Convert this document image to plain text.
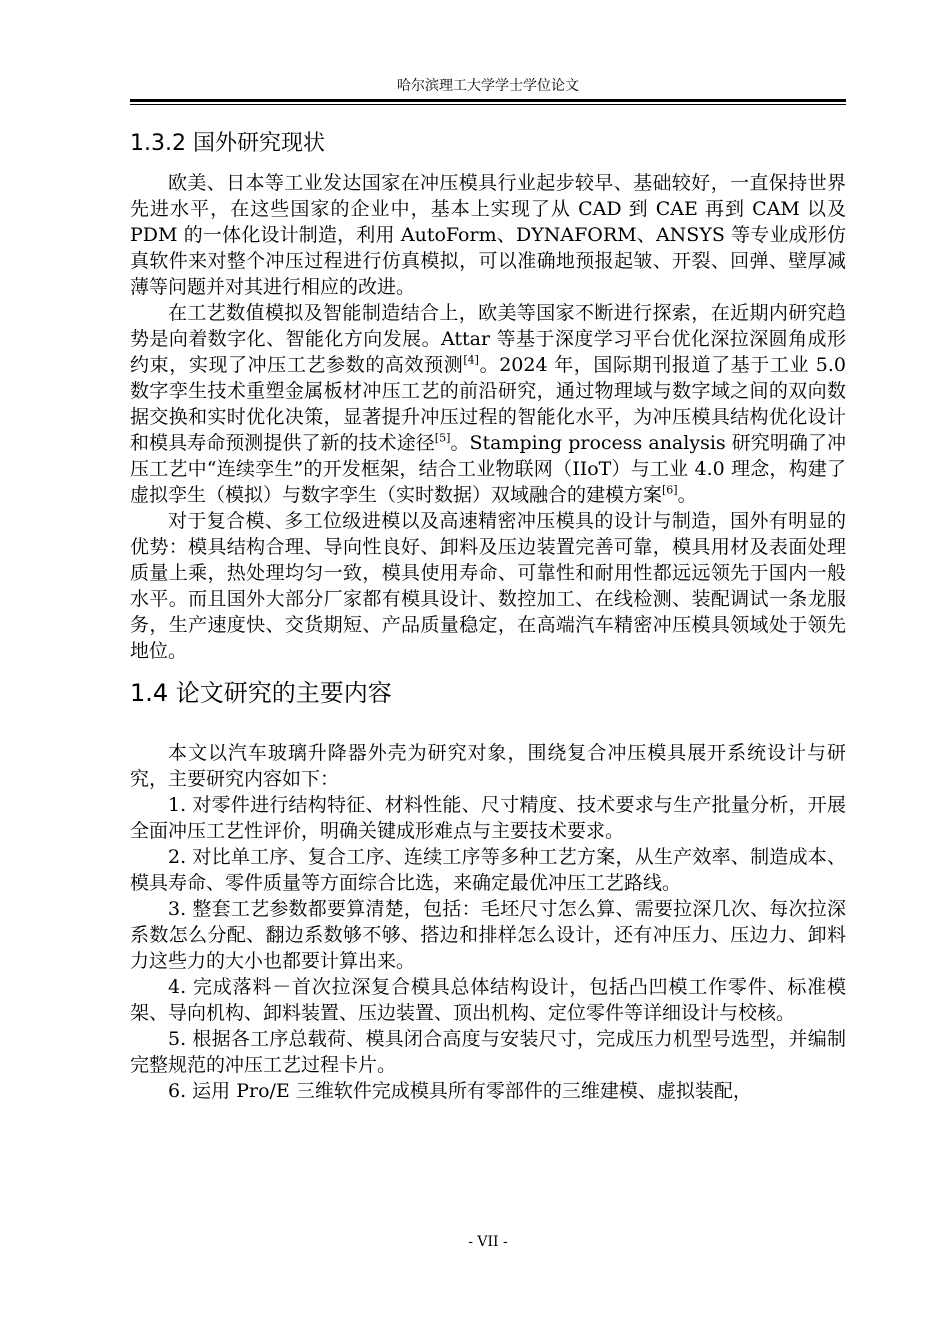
哈尔滨理工大学学士学位论文
1.3.2 国外研究现状

欧美、日本等工业发达国家在冲压模具行业起步较早、基础较好，一直保持世界先进水平，在这些国家的企业中，基本上实现了从 CAD 到 CAE 再到 CAM 以及 PDM 的一体化设计制造，利用 AutoForm、DYNAFORM、ANSYS 等专业成形仿真软件来对整个冲压过程进行仿真模拟，可以准确地预报起皱、开裂、回弹、壁厚减薄等问题并对其进行相应的改进。

在工艺数值模拟及智能制造结合上，欧美等国家不断进行探索，在近期内研究趋势是向着数字化、智能化方向发展。Attar 等基于深度学习平台优化深拉深圆角成形约束，实现了冲压工艺参数的高效预测[4]。2024 年，国际期刊报道了基于工业 5.0 数字孪生技术重塑金属板材冲压工艺的前沿研究，通过物理域与数字域之间的双向数据交换和实时优化决策，显著提升冲压过程的智能化水平，为冲压模具结构优化设计和模具寿命预测提供了新的技术途径[5]。Stamping process analysis 研究明确了冲压工艺中“连续孪生”的开发框架，结合工业物联网（IIoT）与工业 4.0 理念，构建了虚拟孪生（模拟）与数字孪生（实时数据）双域融合的建模方案[6]。

对于复合模、多工位级进模以及高速精密冲压模具的设计与制造，国外有明显的优势：模具结构合理、导向性良好、卸料及压边装置完善可靠，模具用材及表面处理质量上乘，热处理均匀一致，模具使用寿命、可靠性和耐用性都远远领先于国内一般水平。而且国外大部分厂家都有模具设计、数控加工、在线检测、装配调试一条龙服务，生产速度快、交货期短、产品质量稳定，在高端汽车精密冲压模具领域处于领先地位。

1.4 论文研究的主要内容

本文以汽车玻璃升降器外壳为研究对象，围绕复合冲压模具展开系统设计与研究，主要研究内容如下：

1. 对零件进行结构特征、材料性能、尺寸精度、技术要求与生产批量分析，开展全面冲压工艺性评价，明确关键成形难点与主要技术要求。

2. 对比单工序、复合工序、连续工序等多种工艺方案，从生产效率、制造成本、模具寿命、零件质量等方面综合比选，来确定最优冲压工艺路线。

3. 整套工艺参数都要算清楚，包括：毛坯尺寸怎么算、需要拉深几次、每次拉深系数怎么分配、翻边系数够不够、搭边和排样怎么设计，还有冲压力、压边力、卸料力这些力的大小也都要计算出来。

4. 完成落料－首次拉深复合模具总体结构设计，包括凸凹模工作零件、标准模架、导向机构、卸料装置、压边装置、顶出机构、定位零件等详细设计与校核。

5. 根据各工序总载荷、模具闭合高度与安装尺寸，完成压力机型号选型，并编制完整规范的冲压工艺过程卡片。

6. 运用 Pro/E 三维软件完成模具所有零部件的三维建模、虚拟装配，

- VII -
